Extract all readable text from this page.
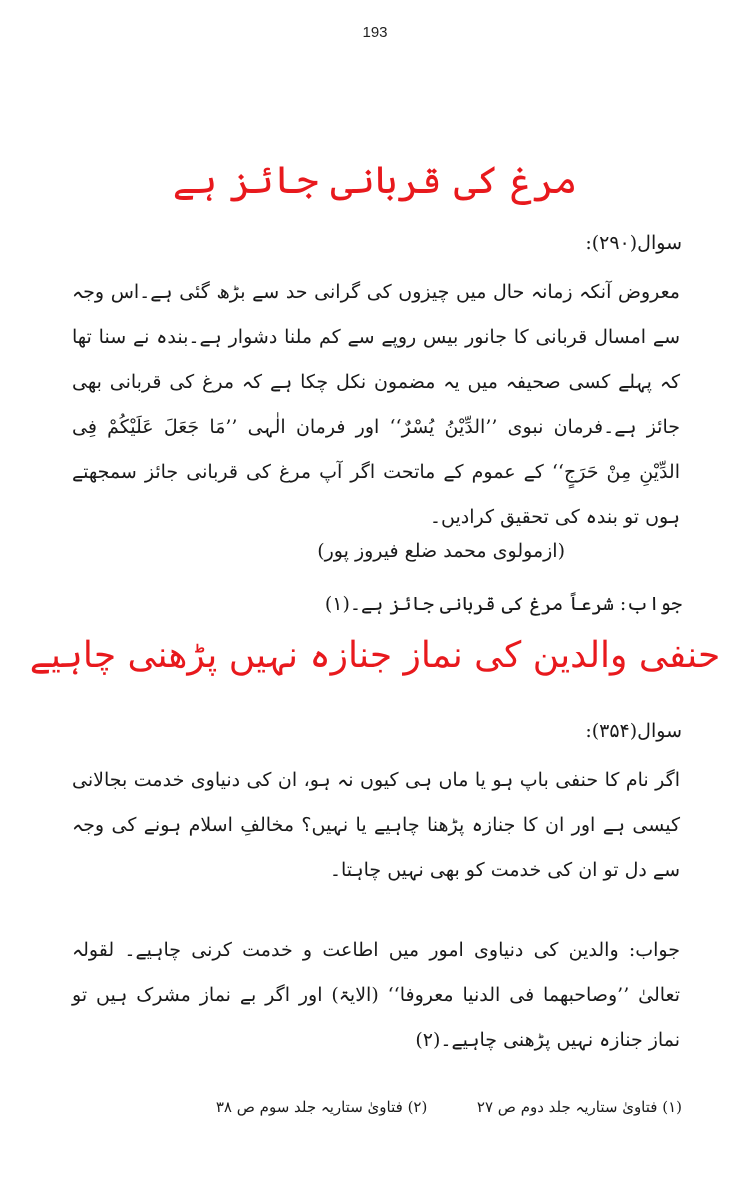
193
مرغ کی قربانی جائز ہے
سوال(۲۹۰):
معروض آنکہ زمانہ حال میں چیزوں کی گرانی حد سے بڑھ گئی ہے۔اس وجہ سے امسال قربانی کا جانور بیس روپے سے کم ملنا دشوار ہے۔بندہ نے سنا تھا کہ پہلے کسی صحیفہ میں یہ مضمون نکل چکا ہے کہ مرغ کی قربانی بھی جائز ہے۔فرمان نبوی ’’الدِّیْنُ یُسْرٌ‘‘ اور فرمان الٰہی ’’مَا جَعَلَ عَلَیْکُمْ فِی الدِّیْنِ مِنْ حَرَجٍ‘‘ کے عموم کے ماتحت اگر آپ مرغ کی قربانی جائز سمجھتے ہوں تو بندہ کی تحقیق کرادیں۔
(ازمولوی محمد ضلع فیروز پور)
جواب: شرعاً مرغ کی قربانی جائز ہے۔(۱)
حنفی والدین کی نماز جنازہ نہیں پڑھنی چاہیے
سوال(۳۵۴):
اگر نام کا حنفی باپ ہو یا ماں ہی کیوں نہ ہو، ان کی دنیاوی خدمت بجالانی کیسی ہے اور ان کا جنازہ پڑھنا چاہیے یا نہیں؟ مخالفِ اسلام ہونے کی وجہ سے دل تو ان کی خدمت کو بھی نہیں چاہتا۔
جواب: والدین کی دنیاوی امور میں اطاعت و خدمت کرنی چاہیے۔ لقولہ تعالیٰ ’’وصاحبھما فی الدنیا معروفا‘‘ (الایۃ) اور اگر بے نماز مشرک ہیں تو نماز جنازہ نہیں پڑھنی چاہیے۔(۲)
(۱) فتاویٰ ستاریہ جلد دوم ص ۲۷  (۲) فتاویٰ ستاریہ جلد سوم ص ۳۸
